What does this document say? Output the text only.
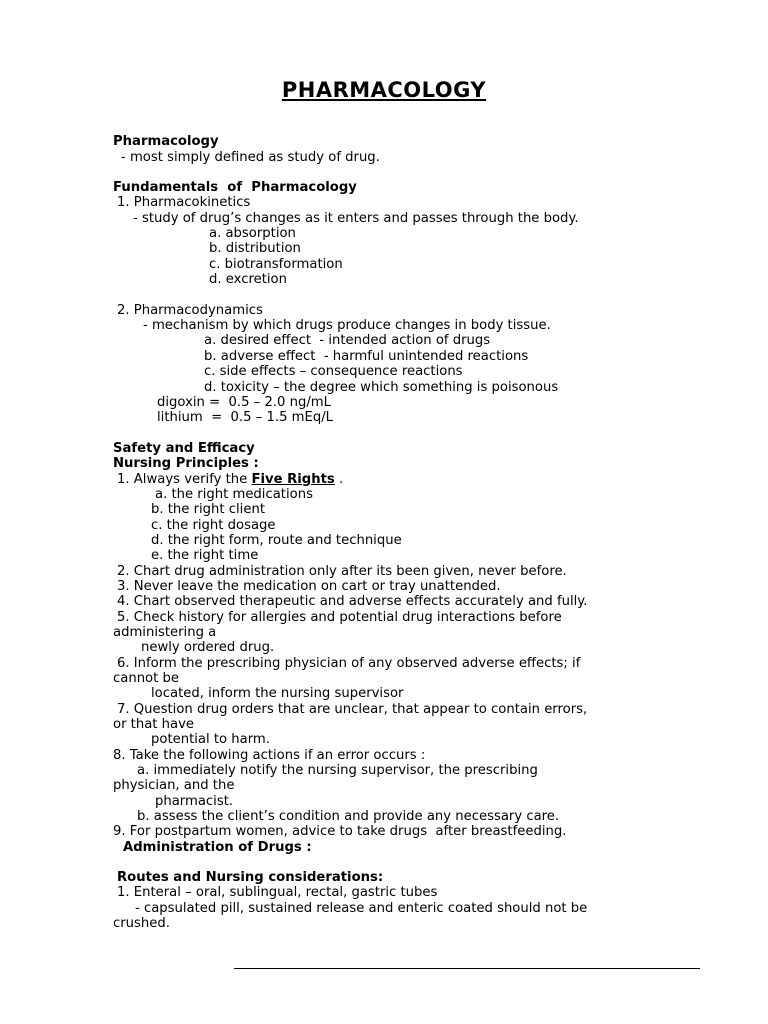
PHARMACOLOGY
Pharmacology
- most simply defined as study of drug.
Fundamentals  of  Pharmacology
1. Pharmacokinetics
- study of drug’s changes as it enters and passes through the body.
a. absorption
b. distribution
c. biotransformation
d. excretion
2. Pharmacodynamics
- mechanism by which drugs produce changes in body tissue.
a. desired effect  - intended action of drugs
b. adverse effect  - harmful unintended reactions
c. side effects – consequence reactions
d. toxicity – the degree which something is poisonous
digoxin =  0.5 – 2.0 ng/mL
lithium  =  0.5 – 1.5 mEq/L
Safety and Efficacy
Nursing Principles :
1. Always verify the Five Rights .
a. the right medications
b. the right client
c. the right dosage
d. the right form, route and technique
e. the right time
2. Chart drug administration only after its been given, never before.
3. Never leave the medication on cart or tray unattended.
4. Chart observed therapeutic and adverse effects accurately and fully.
5. Check history for allergies and potential drug interactions before
administering a
newly ordered drug.
6. Inform the prescribing physician of any observed adverse effects; if
cannot be
located, inform the nursing supervisor
7. Question drug orders that are unclear, that appear to contain errors,
or that have
potential to harm.
8. Take the following actions if an error occurs :
a. immediately notify the nursing supervisor, the prescribing
physician, and the
pharmacist.
b. assess the client’s condition and provide any necessary care.
9. For postpartum women, advice to take drugs  after breastfeeding.
Administration of Drugs :
Routes and Nursing considerations:
1. Enteral – oral, sublingual, rectal, gastric tubes
- capsulated pill, sustained release and enteric coated should not be
crushed.
